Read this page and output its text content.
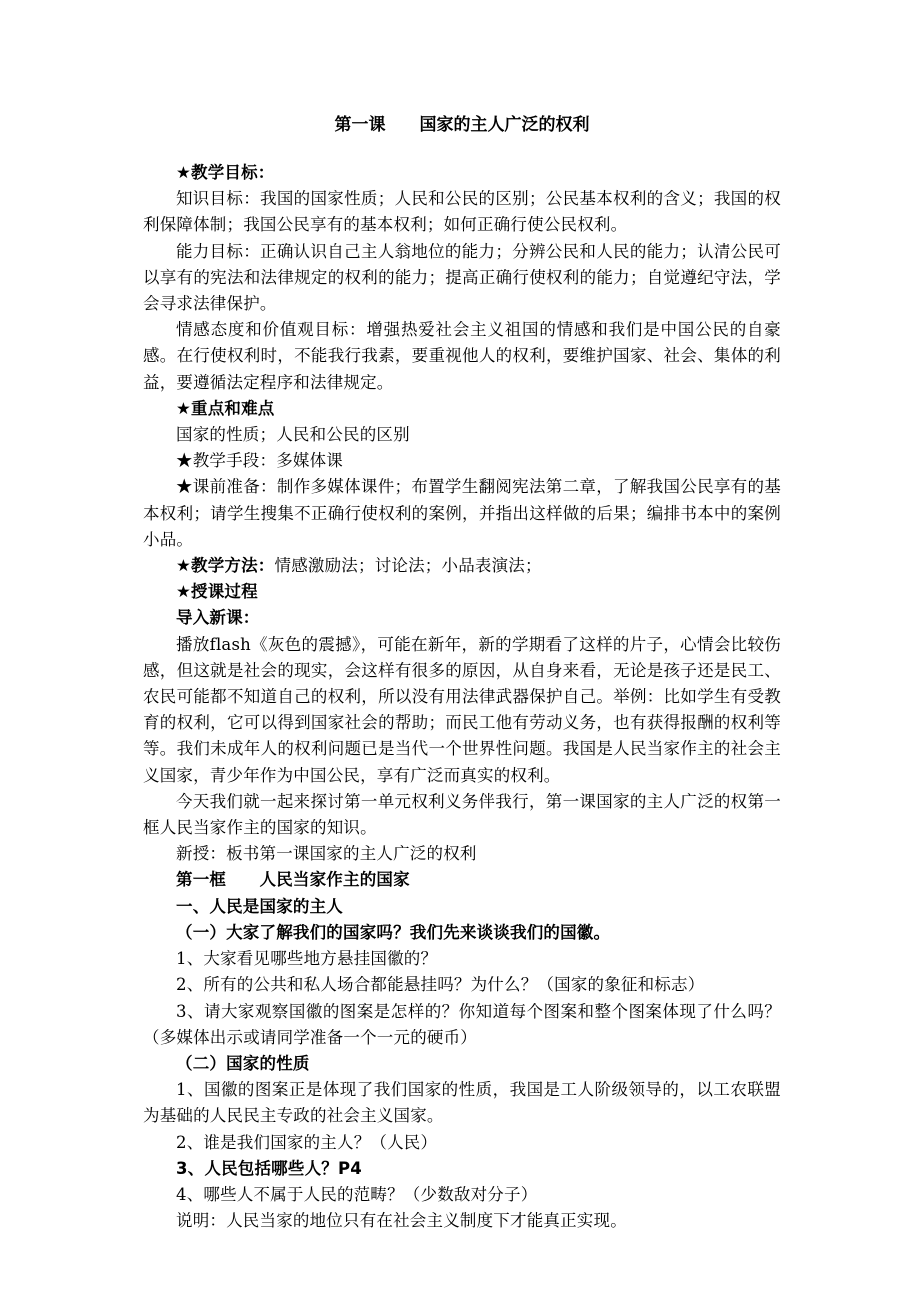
第一课　　国家的主人广泛的权利

★教学目标：

知识目标：我国的国家性质；人民和公民的区别；公民基本权利的含义；我国的权利保障体制；我国公民享有的基本权利；如何正确行使公民权利。

能力目标：正确认识自己主人翁地位的能力；分辨公民和人民的能力；认清公民可以享有的宪法和法律规定的权利的能力；提高正确行使权利的能力；自觉遵纪守法，学会寻求法律保护。

情感态度和价值观目标：增强热爱社会主义祖国的情感和我们是中国公民的自豪感。在行使权利时，不能我行我素，要重视他人的权利，要维护国家、社会、集体的利益，要遵循法定程序和法律规定。

★重点和难点

国家的性质；人民和公民的区别

★教学手段：多媒体课

★课前准备：制作多媒体课件；布置学生翻阅宪法第二章，了解我国公民享有的基本权利；请学生搜集不正确行使权利的案例，并指出这样做的后果；编排书本中的案例小品。

★教学方法：情感激励法；讨论法；小品表演法；

★授课过程

导入新课：

播放flash《灰色的震撼》，可能在新年，新的学期看了这样的片子，心情会比较伤感，但这就是社会的现实，会这样有很多的原因，从自身来看，无论是孩子还是民工、农民可能都不知道自己的权利，所以没有用法律武器保护自己。举例：比如学生有受教育的权利，它可以得到国家社会的帮助；而民工他有劳动义务，也有获得报酬的权利等等。我们未成年人的权利问题已是当代一个世界性问题。我国是人民当家作主的社会主义国家，青少年作为中国公民，享有广泛而真实的权利。

今天我们就一起来探讨第一单元权利义务伴我行，第一课国家的主人广泛的权第一框人民当家作主的国家的知识。

新授：板书第一课国家的主人广泛的权利

第一框　　人民当家作主的国家

一、人民是国家的主人

（一）大家了解我们的国家吗？我们先来谈谈我们的国徽。

1、大家看见哪些地方悬挂国徽的？

2、所有的公共和私人场合都能悬挂吗？为什么？（国家的象征和标志）

3、请大家观察国徽的图案是怎样的？你知道每个图案和整个图案体现了什么吗？（多媒体出示或请同学准备一个一元的硬币）

（二）国家的性质

1、国徽的图案正是体现了我们国家的性质，我国是工人阶级领导的，以工农联盟为基础的人民民主专政的社会主义国家。

2、谁是我们国家的主人？（人民）

3、人民包括哪些人？P4

4、哪些人不属于人民的范畴？（少数敌对分子）

说明：人民当家的地位只有在社会主义制度下才能真正实现。
